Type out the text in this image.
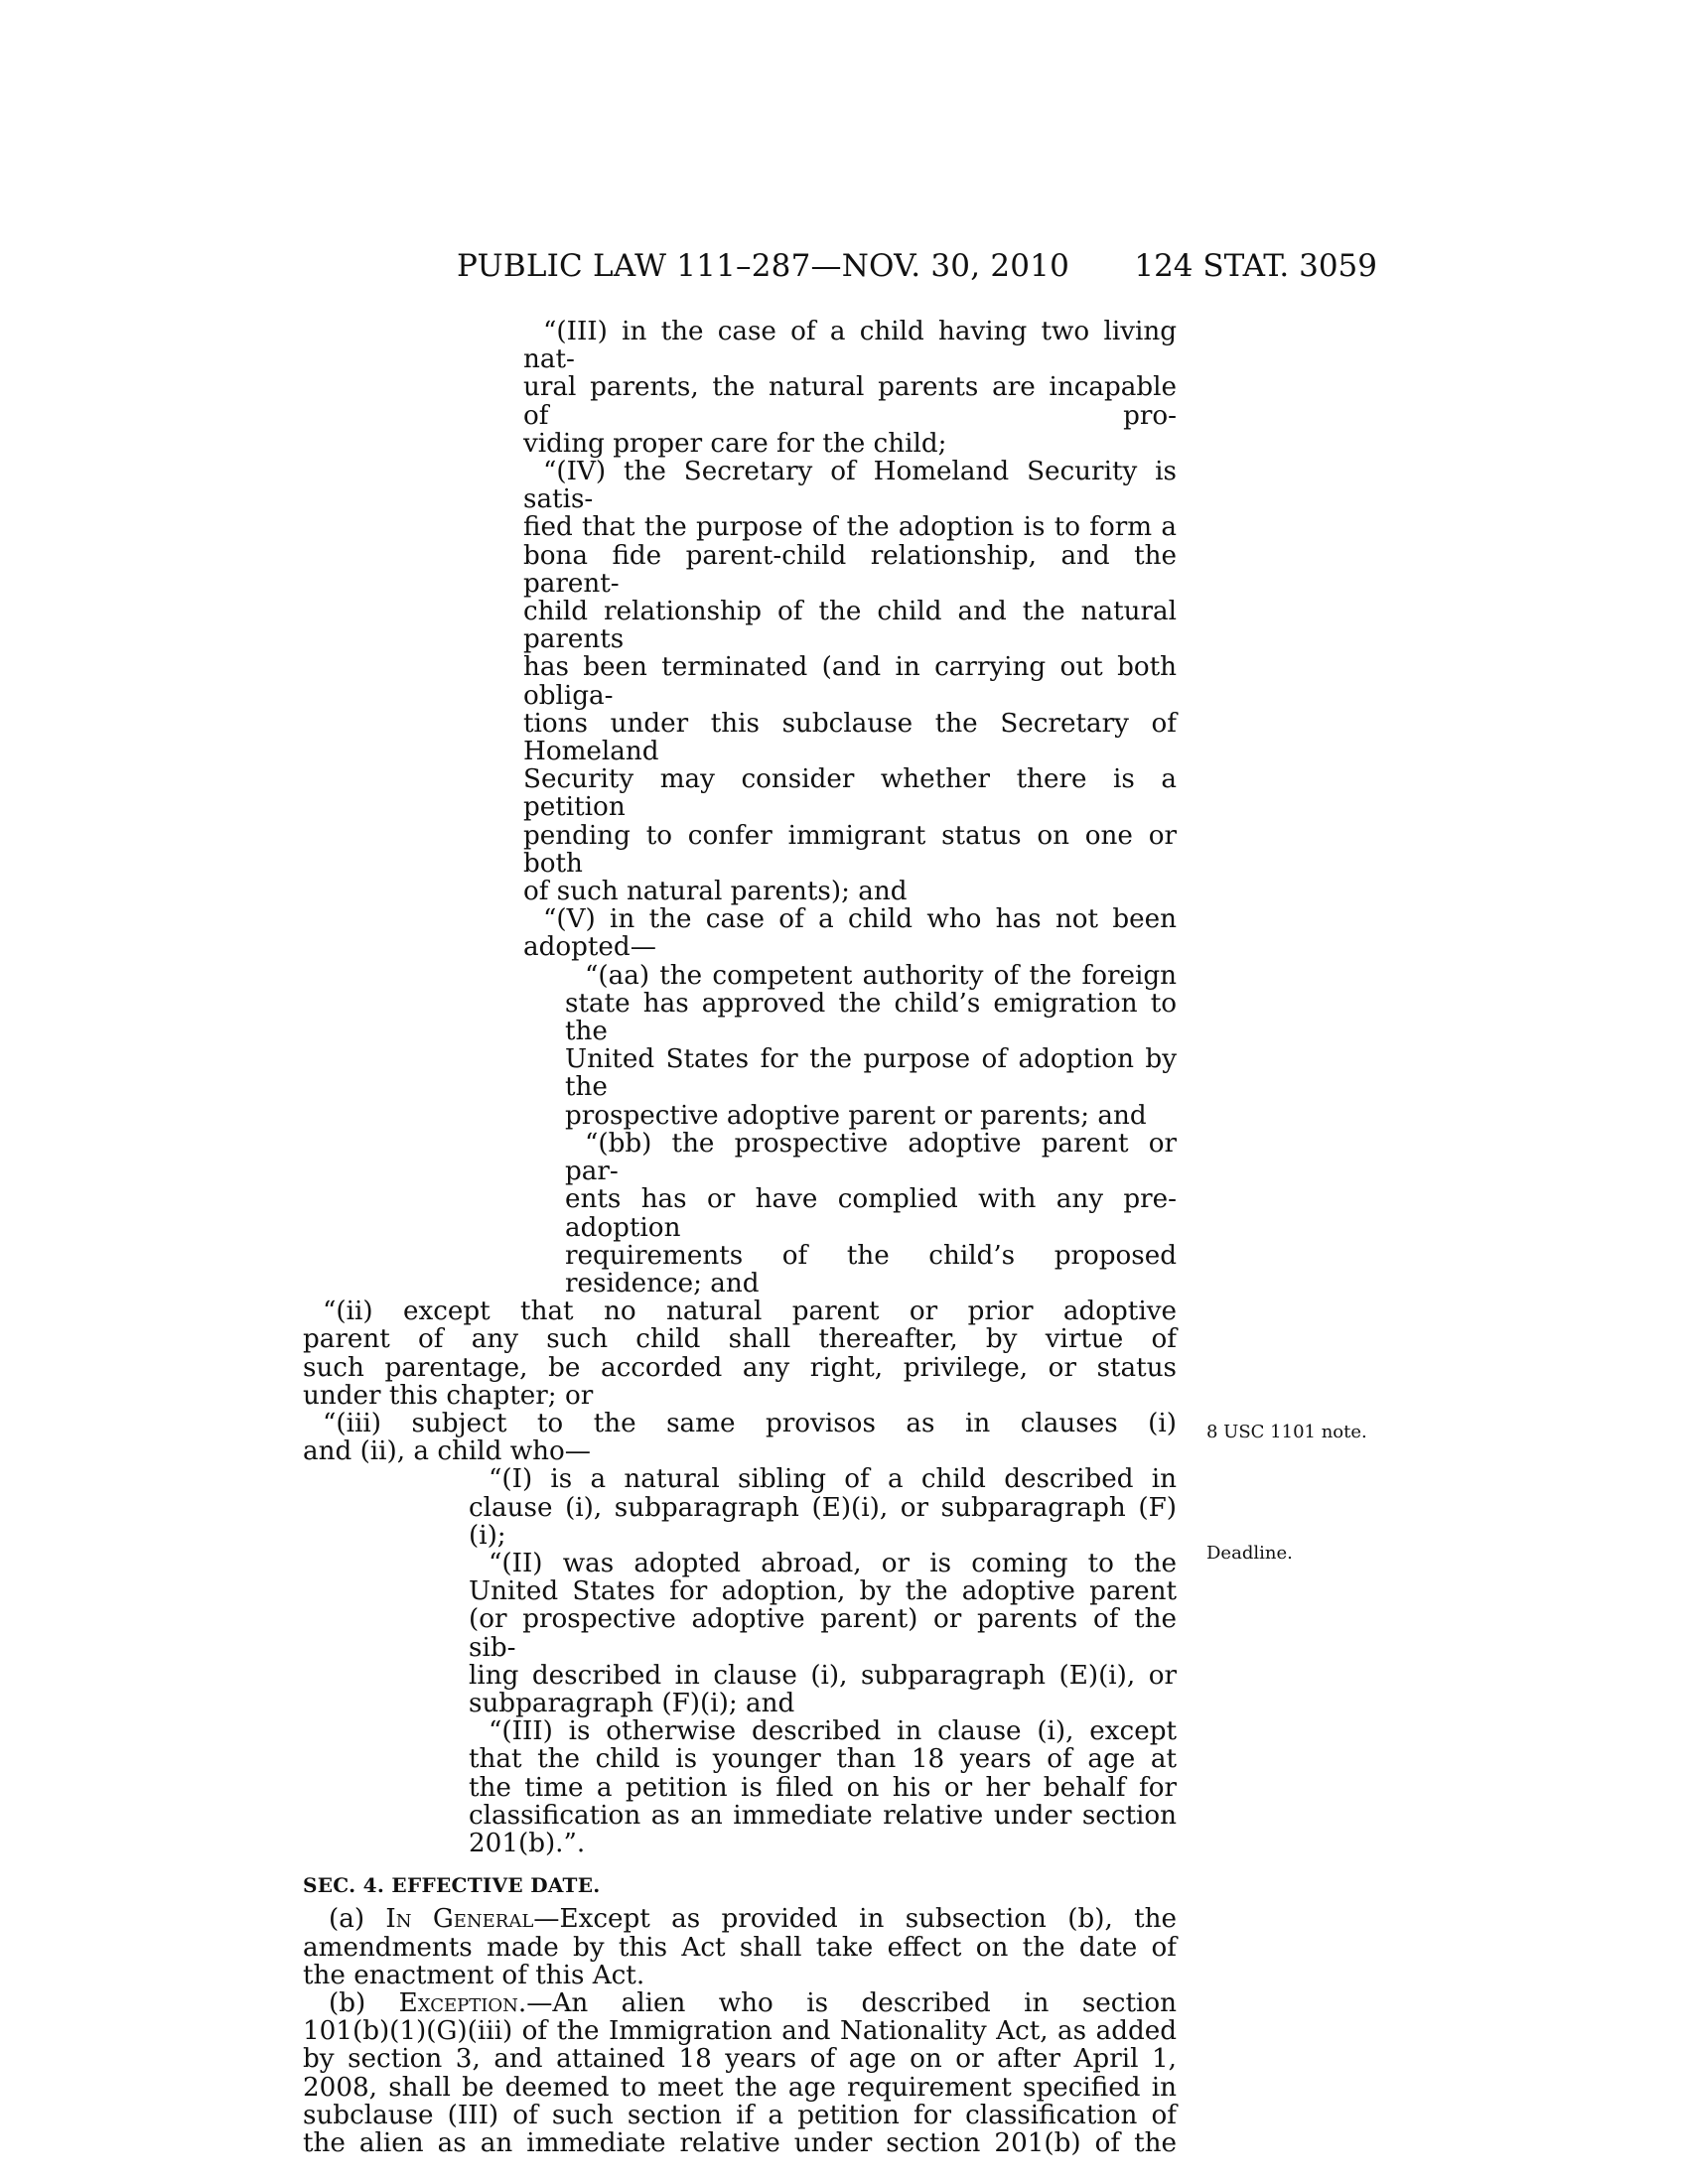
PUBLIC LAW 111–287—NOV. 30, 2010 124 STAT. 3059

“(III) in the case of a child having two living nat-

ural parents, the natural parents are incapable of pro-

viding proper care for the child;

“(IV) the Secretary of Homeland Security is satis-

fied that the purpose of the adoption is to form a

bona fide parent-child relationship, and the parent-

child relationship of the child and the natural parents

has been terminated (and in carrying out both obliga-

tions under this subclause the Secretary of Homeland

Security may consider whether there is a petition

pending to confer immigrant status on one or both

of such natural parents); and

“(V) in the case of a child who has not been

adopted—

“(aa) the competent authority of the foreign

state has approved the child’s emigration to the

United States for the purpose of adoption by the

prospective adoptive parent or parents; and

“(bb) the prospective adoptive parent or par-

ents has or have complied with any pre-adoption

requirements of the child’s proposed residence; and

“(ii) except that no natural parent or prior adoptive

parent of any such child shall thereafter, by virtue of

such parentage, be accorded any right, privilege, or status

under this chapter; or

“(iii) subject to the same provisos as in clauses (i)

and (ii), a child who—

“(I) is a natural sibling of a child described in

clause (i), subparagraph (E)(i), or subparagraph (F)(i);

“(II) was adopted abroad, or is coming to the

United States for adoption, by the adoptive parent

(or prospective adoptive parent) or parents of the sib-

ling described in clause (i), subparagraph (E)(i), or

subparagraph (F)(i); and

“(III) is otherwise described in clause (i), except

that the child is younger than 18 years of age at

the time a petition is filed on his or her behalf for

classification as an immediate relative under section

201(b).”.

SEC. 4. EFFECTIVE DATE.

(a) In General—Except as provided in subsection (b), the

amendments made by this Act shall take effect on the date of

the enactment of this Act.

(b) Exception.—An alien who is described in section

101(b)(1)(G)(iii) of the Immigration and Nationality Act, as added

by section 3, and attained 18 years of age on or after April 1,

2008, shall be deemed to meet the age requirement specified in

subclause (III) of such section if a petition for classification of

the alien as an immediate relative under section 201(b) of the

8 USC 1101 note.
Deadline.
